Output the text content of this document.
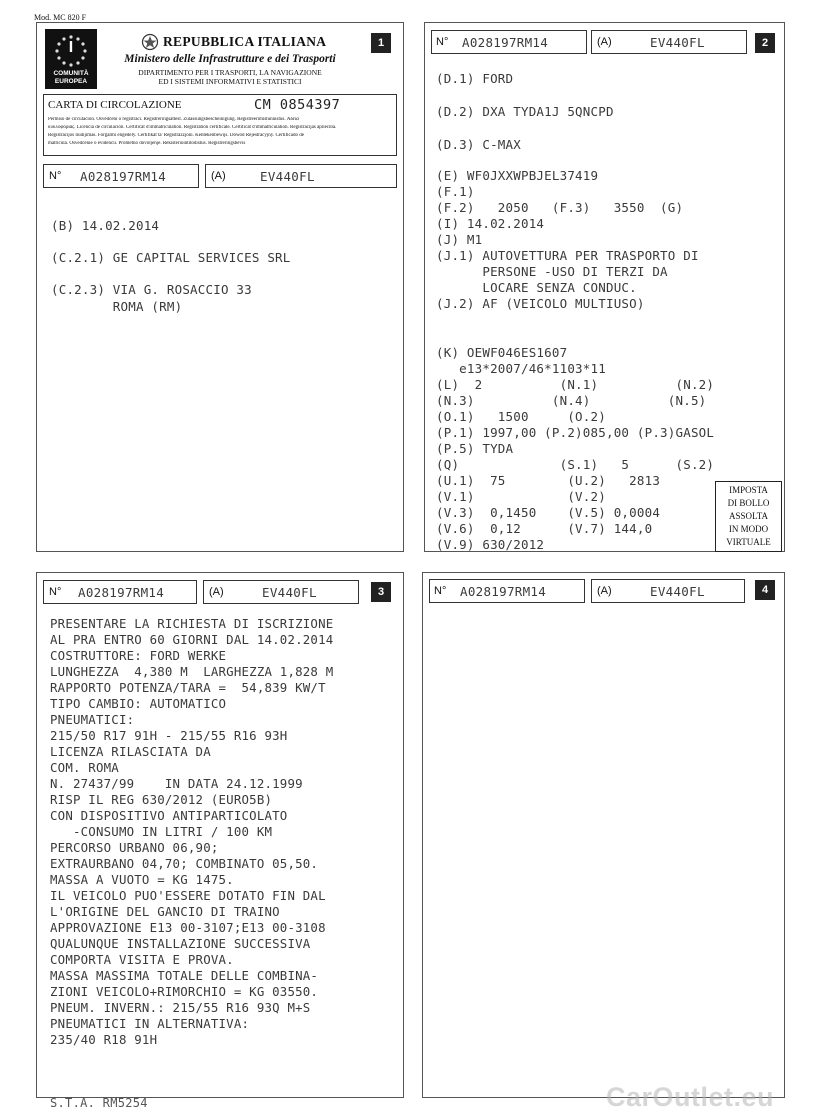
Mod. MC 820 F
I
COMUNITÀ
EUROPEA
REPUBBLICA ITALIANA
Ministero delle Infrastrutture e dei Trasporti
DIPARTIMENTO PER I TRASPORTI, LA NAVIGAZIONE
ED I SISTEMI INFORMATIVI E STATISTICI
1
CARTA DI CIRCOLAZIONE	CM 0854397
Permiso de circulación. Osvědčení o registraci. Registreringsattest. Zulassungsbescheinigung. Registreerimistunnistus. Άδεια
κυκλοφορίας. Licencia de circulación. Certificat d'immatriculation. Registration certificate. Certificat d'immatriculation. Reģistrācijas apliecība.
Registracijos liudijimas. Forgalmi engedély. Certifikat ta' Reġistrazzjoni. Kentekenbewijs. Dowód Rejestracyjny. Certificado de
matrícula. Osvedčenie o evidencii. Prometno dovoljenje. Rekisteriöintitodistus. Registreringsbevis
N° A028197RM14	(A)	EV440FL
(B) 14.02.2014
(C.2.1) GE CAPITAL SERVICES SRL
(C.2.3) VIA G. ROSACCIO 33
ROMA (RM)
N° A028197RM14	(A)	EV440FL	2
(D.1) FORD
(D.2) DXA TYDA1J 5QNCPD
(D.3) C-MAX
(E) WF0JXXWPBJEL37419
(F.1)
(F.2)   2050   (F.3)   3550  (G)
(I) 14.02.2014
(J) M1
(J.1) AUTOVETTURA PER TRASPORTO DI
PERSONE -USO DI TERZI DA
LOCARE SENZA CONDUC.
(J.2) AF (VEICOLO MULTIUSO)
(K) OEWF046ES1607
e13*2007/46*1103*11
(L)  2          (N.1)          (N.2)
(N.3)          (N.4)          (N.5)
(O.1)   1500     (O.2)
(P.1) 1997,00 (P.2)085,00 (P.3)GASOL
(P.5) TYDA
(Q)             (S.1)   5      (S.2)
(U.1)  75        (U.2)   2813
(V.1)            (V.2)
(V.3)  0,1450    (V.5) 0,0004
(V.6)  0,12      (V.7) 144,0
(V.9) 630/2012
IMPOSTA
DI BOLLO
ASSOLTA
IN MODO
VIRTUALE
N° A028197RM14	(A)	EV440FL	3
PRESENTARE LA RICHIESTA DI ISCRIZIONE
AL PRA ENTRO 60 GIORNI DAL 14.02.2014
COSTRUTTORE: FORD WERKE
LUNGHEZZA  4,380 M  LARGHEZZA 1,828 M
RAPPORTO POTENZA/TARA =  54,839 KW/T
TIPO CAMBIO: AUTOMATICO
PNEUMATICI:
215/50 R17 91H - 215/55 R16 93H
LICENZA RILASCIATA DA
COM. ROMA
N. 27437/99    IN DATA 24.12.1999
RISP IL REG 630/2012 (EURO5B)
CON DISPOSITIVO ANTIPARTICOLATO
-CONSUMO IN LITRI / 100 KM
PERCORSO URBANO 06,90;
EXTRAURBANO 04,70; COMBINATO 05,50.
MASSA A VUOTO = KG 1475.
IL VEICOLO PUO'ESSERE DOTATO FIN DAL
L'ORIGINE DEL GANCIO DI TRAINO
APPROVAZIONE E13 00-3107;E13 00-3108
QUALUNQUE INSTALLAZIONE SUCCESSIVA
COMPORTA VISITA E PROVA.
MASSA MASSIMA TOTALE DELLE COMBINA-
ZIONI VEICOLO+RIMORCHIO = KG 03550.
PNEUM. INVERN.: 215/55 R16 93Q M+S
PNEUMATICI IN ALTERNATIVA:
235/40 R18 91H
S.T.A. RM5254
N° A028197RM14	(A)	EV440FL	4
CarOutlet.eu
